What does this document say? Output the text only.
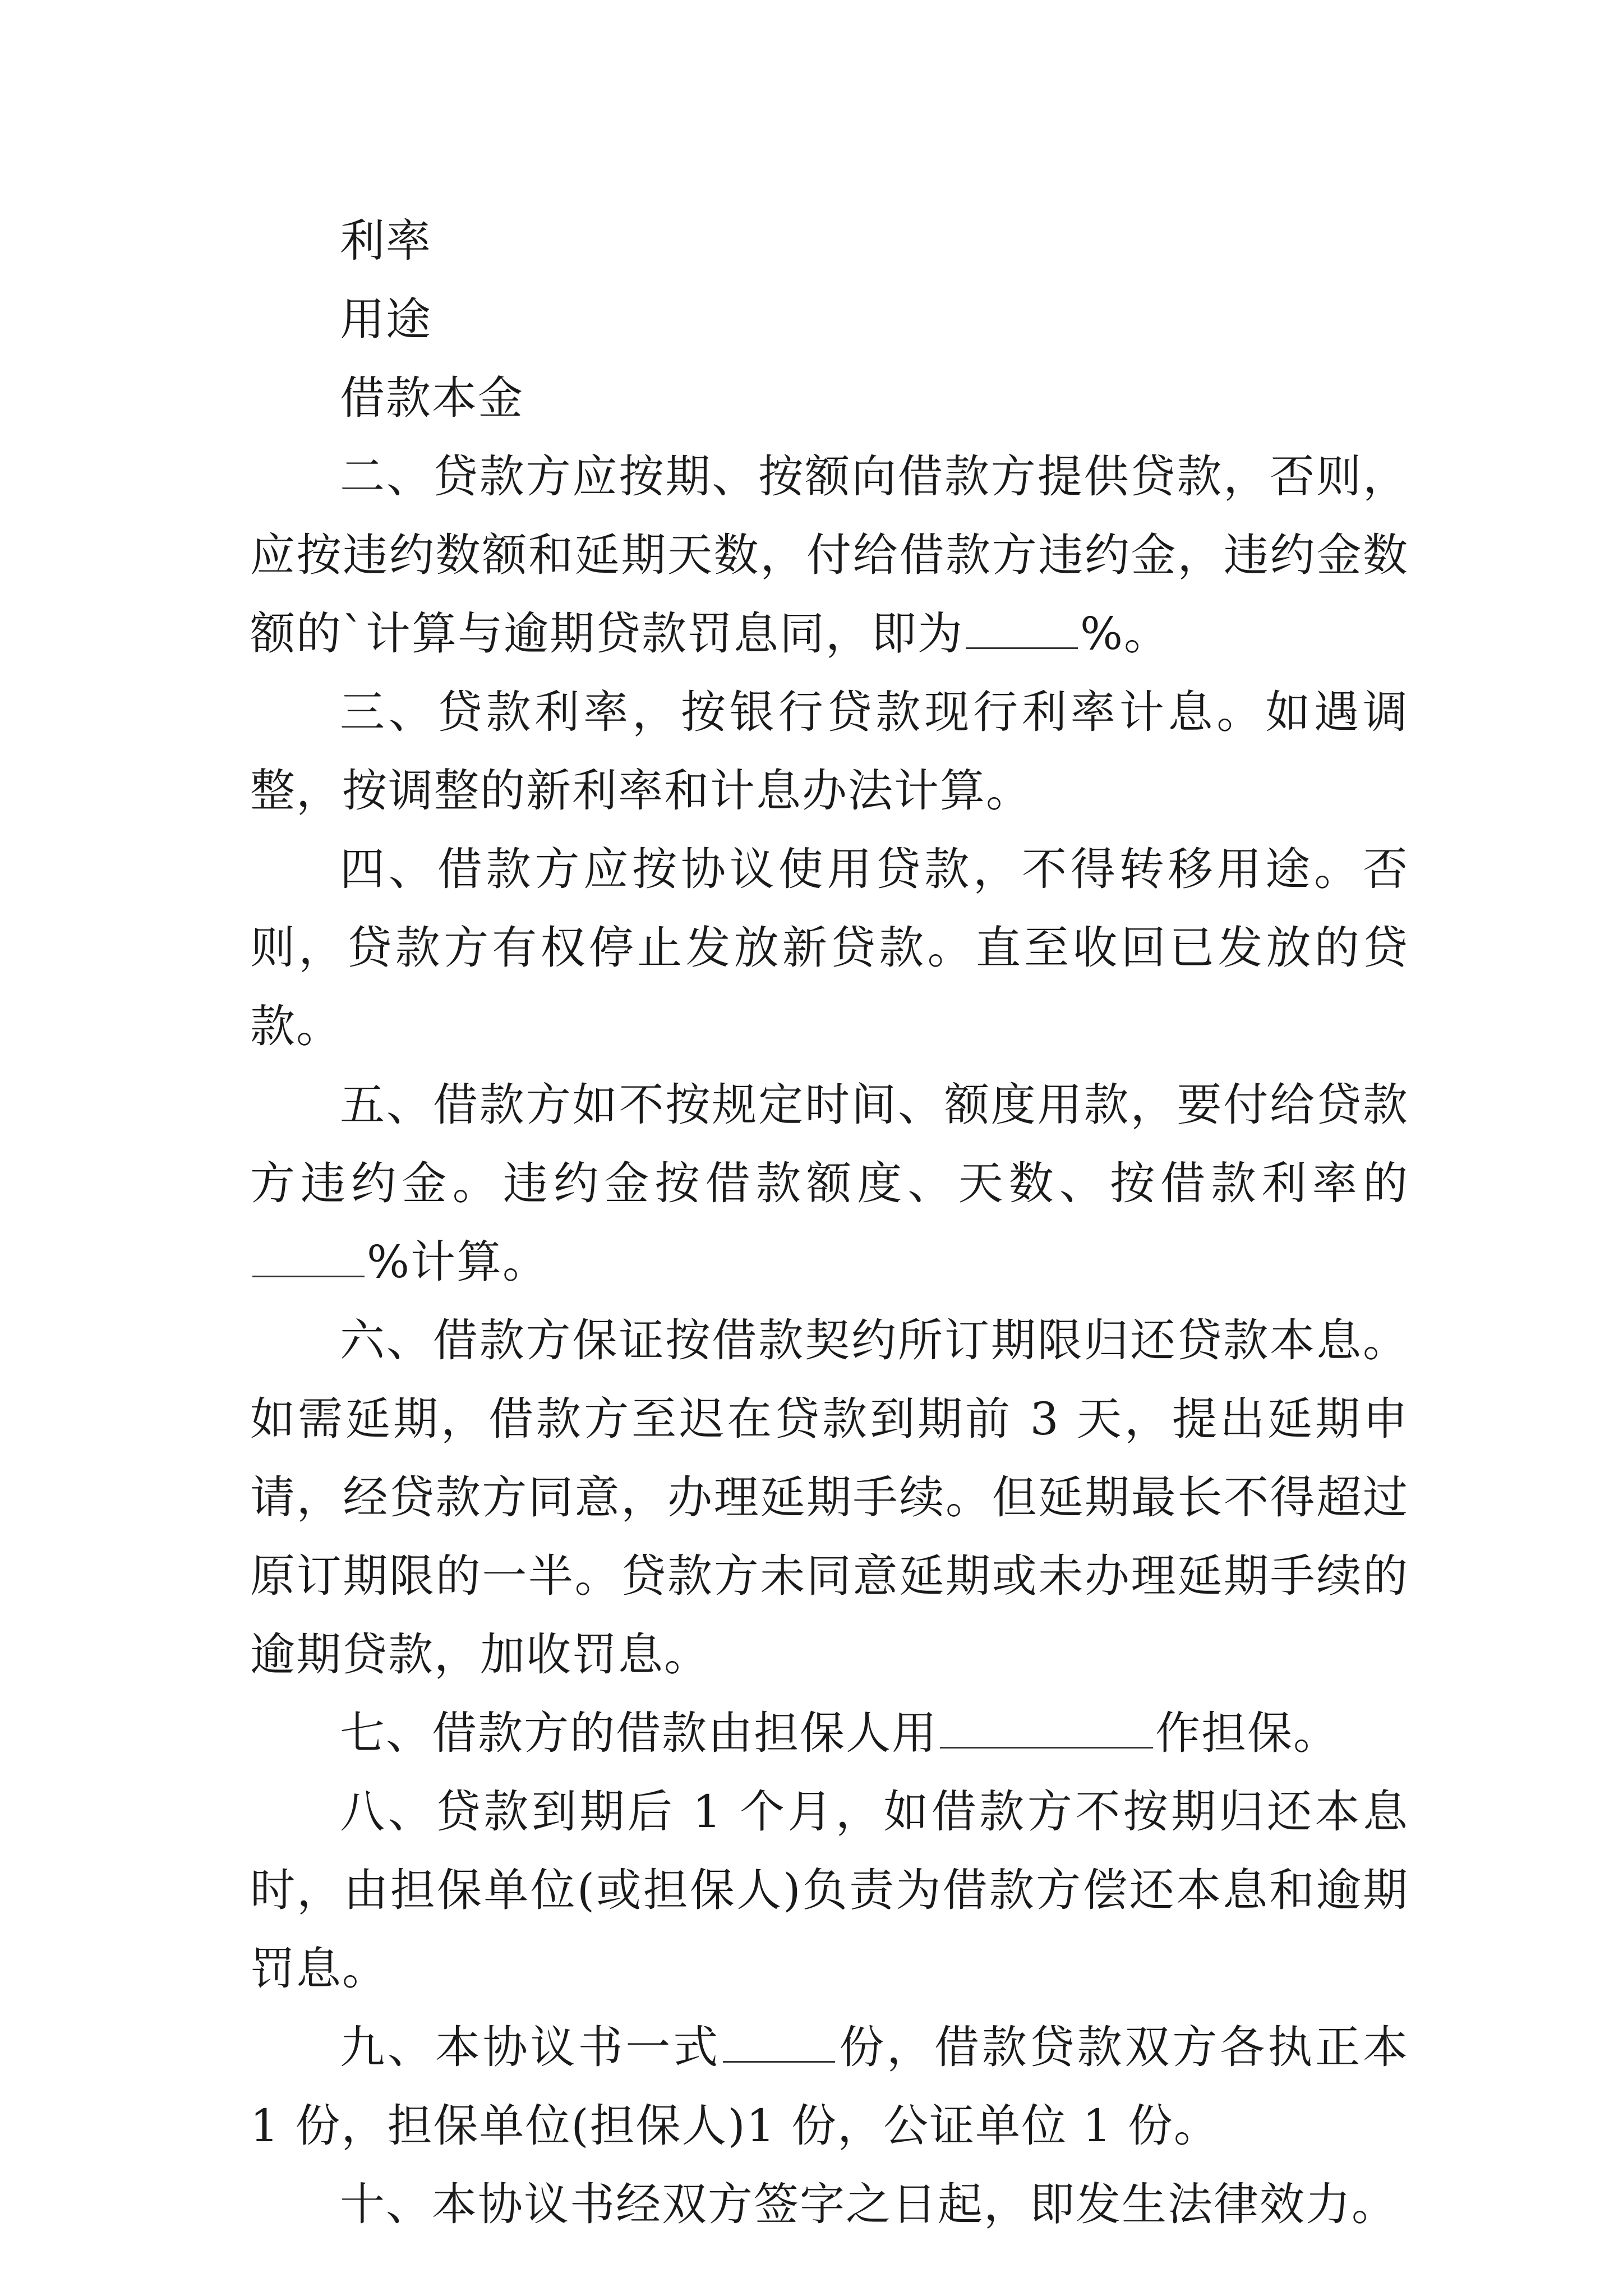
利率
用途
借款本金

二、贷款方应按期、按额向借款方提供贷款，否则，应按违约数额和延期天数，付给借款方违约金，违约金数额的`计算与逾期贷款罚息同，即为	%。

三、贷款利率，按银行贷款现行利率计息。如遇调整，按调整的新利率和计息办法计算。

四、借款方应按协议使用贷款，不得转移用途。否则，贷款方有权停止发放新贷款。直至收回已发放的贷款。

五、借款方如不按规定时间、额度用款，要付给贷款方违约金。违约金按借款额度、天数、按借款利率的%计算。

六、借款方保证按借款契约所订期限归还贷款本息。如需延期，借款方至迟在贷款到期前 3 天，提出延期申请，经贷款方同意，办理延期手续。但延期最长不得超过原订期限的一半。贷款方未同意延期或未办理延期手续的逾期贷款，加收罚息。

七、借款方的借款由担保人用	作担保。

八、贷款到期后 1 个月，如借款方不按期归还本息时，由担保单位(或担保人)负责为借款方偿还本息和逾期罚息。

九、本协议书一式	份，借款贷款双方各执正本 1 份，担保单位(担保人)1 份，公证单位 1 份。

十、本协议书经双方签字之日起，即发生法律效力。
